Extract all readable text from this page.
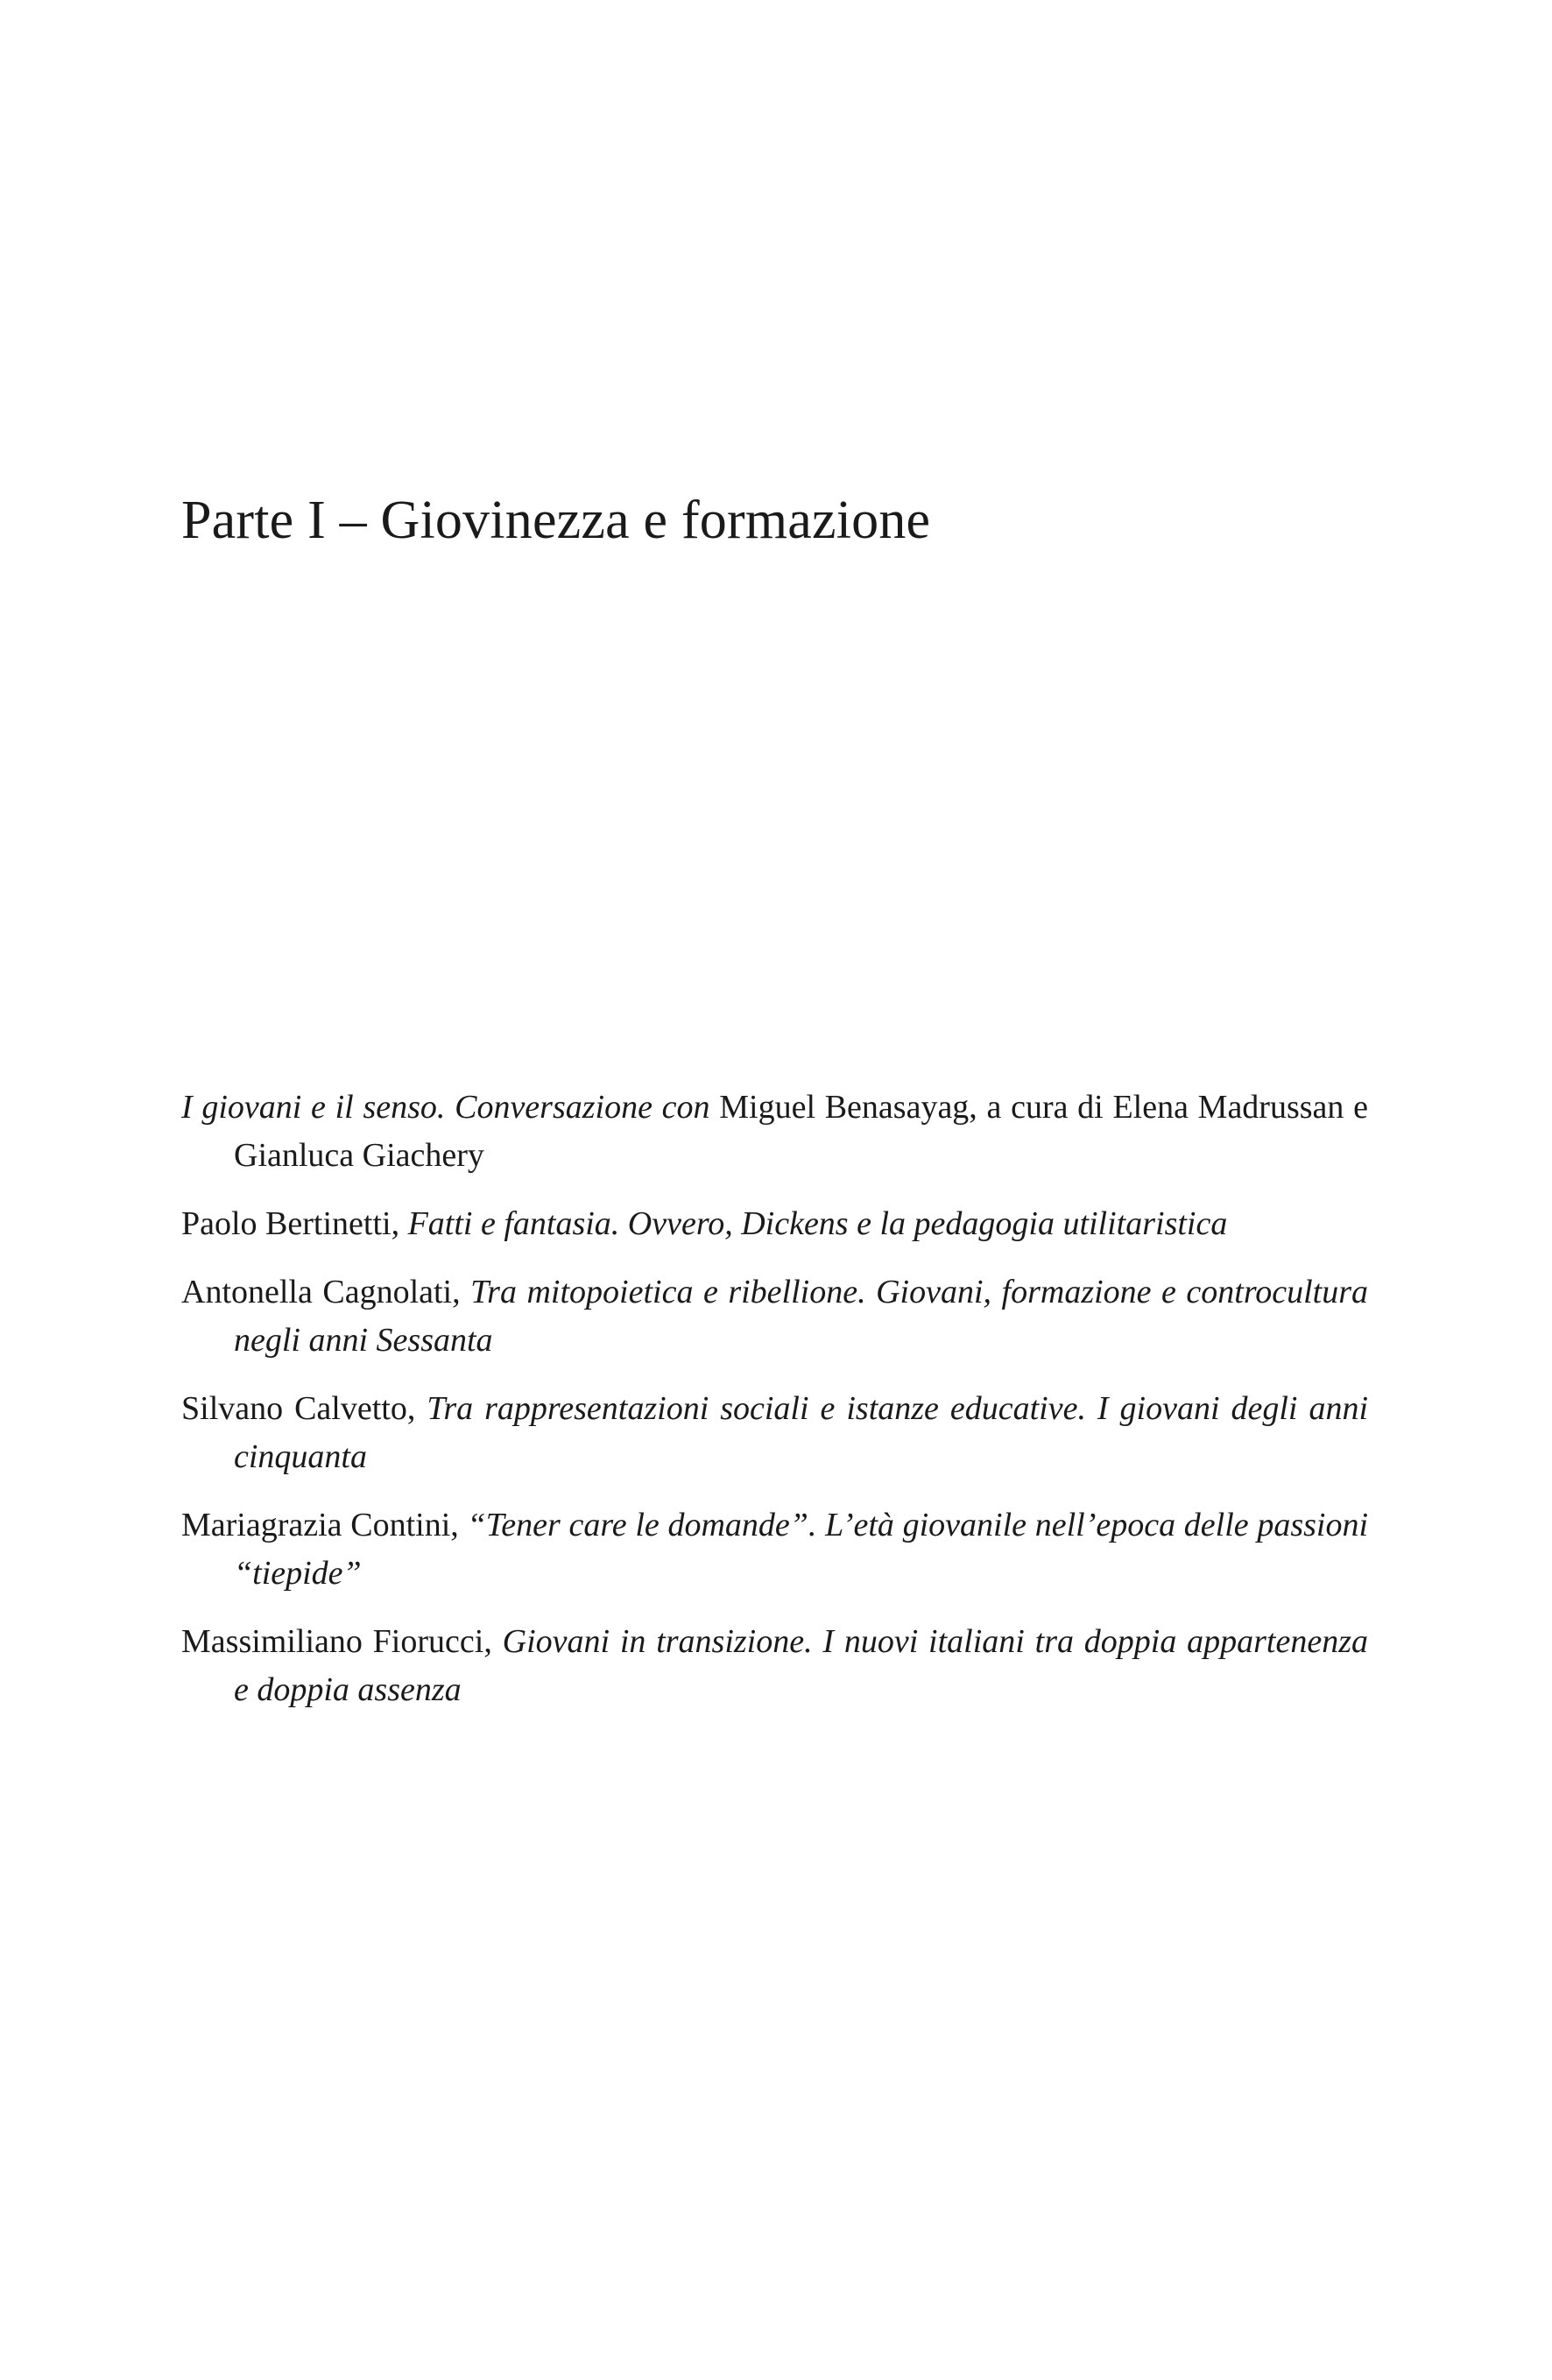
Parte I – Giovinezza e formazione
I giovani e il senso. Conversazione con Miguel Benasayag, a cura di Elena Madrussan e Gianluca Giachery
Paolo Bertinetti, Fatti e fantasia. Ovvero, Dickens e la pedagogia utilitaristica
Antonella Cagnolati, Tra mitopoietica e ribellione. Giovani, formazione e controcultura negli anni Sessanta
Silvano Calvetto, Tra rappresentazioni sociali e istanze educative. I giovani degli anni cinquanta
Mariagrazia Contini, “Tener care le domande”. L’età giovanile nell’epoca delle passioni “tiepide”
Massimiliano Fiorucci, Giovani in transizione. I nuovi italiani tra doppia appartenenza e doppia assenza
